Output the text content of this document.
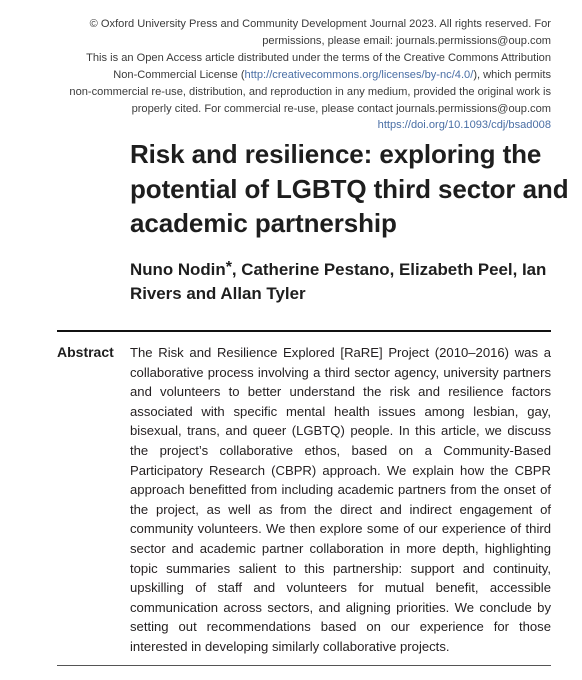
© Oxford University Press and Community Development Journal 2023. All rights reserved. For
permissions, please email: journals.permissions@oup.com
This is an Open Access article distributed under the terms of the Creative Commons Attribution
Non-Commercial License (http://creativecommons.org/licenses/by-nc/4.0/), which permits
non-commercial re-use, distribution, and reproduction in any medium, provided the original work is
properly cited. For commercial re-use, please contact journals.permissions@oup.com
https://doi.org/10.1093/cdj/bsad008
Risk and resilience: exploring the potential of LGBTQ third sector and academic partnership

Nuno Nodin*, Catherine Pestano, Elizabeth Peel, Ian Rivers and Allan Tyler

Abstract The Risk and Resilience Explored [RaRE] Project (2010–2016) was a collaborative process involving a third sector agency, university partners and volunteers to better understand the risk and resilience factors associated with specific mental health issues among lesbian, gay, bisexual, trans, and queer (LGBTQ) people. In this article, we discuss the project’s collaborative ethos, based on a Community-Based Participatory Research (CBPR) approach. We explain how the CBPR approach benefitted from including academic partners from the onset of the project, as well as from the direct and indirect engagement of community volunteers. We then explore some of our experience of third sector and academic partner collaboration in more depth, highlighting topic summaries salient to this partnership: support and continuity, upskilling of staff and volunteers for mutual benefit, accessible communication across sectors, and aligning priorities. We conclude by setting out recommendations based on our experience for those interested in developing similarly collaborative projects.
